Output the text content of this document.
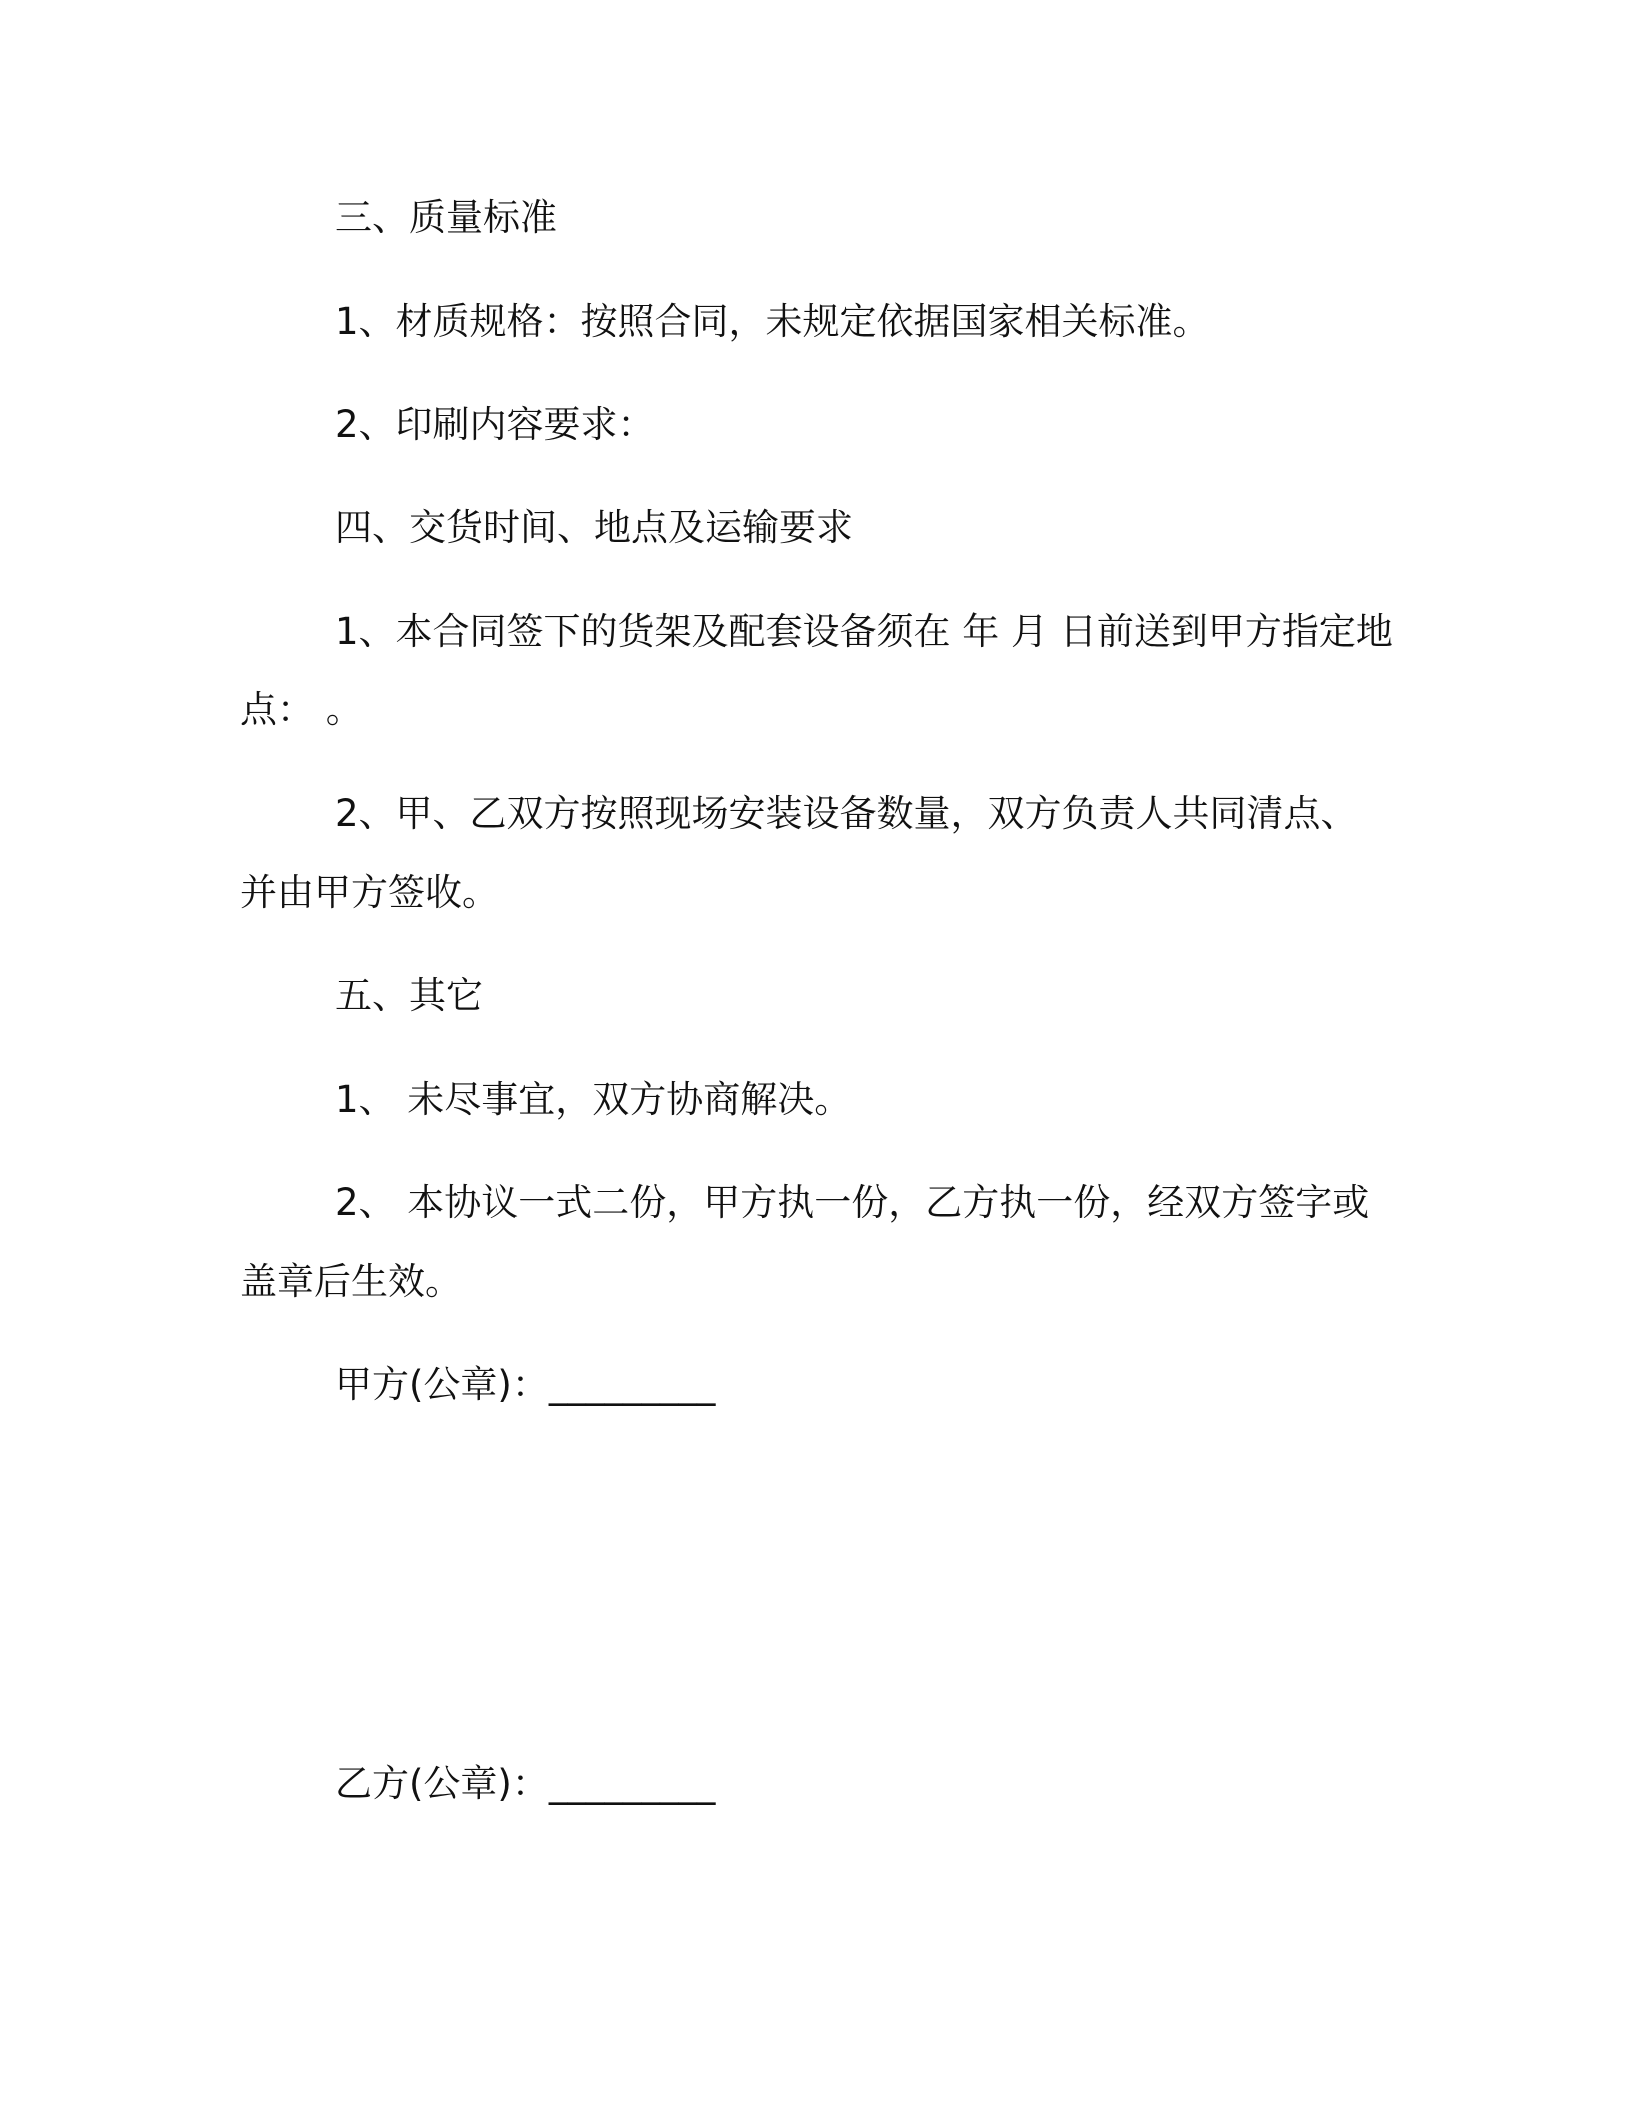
三、质量标准
1、材质规格：按照合同，未规定依据国家相关标准。
2、印刷内容要求：
四、交货时间、地点及运输要求
1、本合同签下的货架及配套设备须在 年 月 日前送到甲方指定地
点： 。
2、甲、乙双方按照现场安装设备数量，双方负责人共同清点、
并由甲方签收。
五、其它
1、 未尽事宜，双方协商解决。
2、 本协议一式二份，甲方执一份，乙方执一份，经双方签字或
盖章后生效。
甲方(公章)：_________
乙方(公章)：_________
